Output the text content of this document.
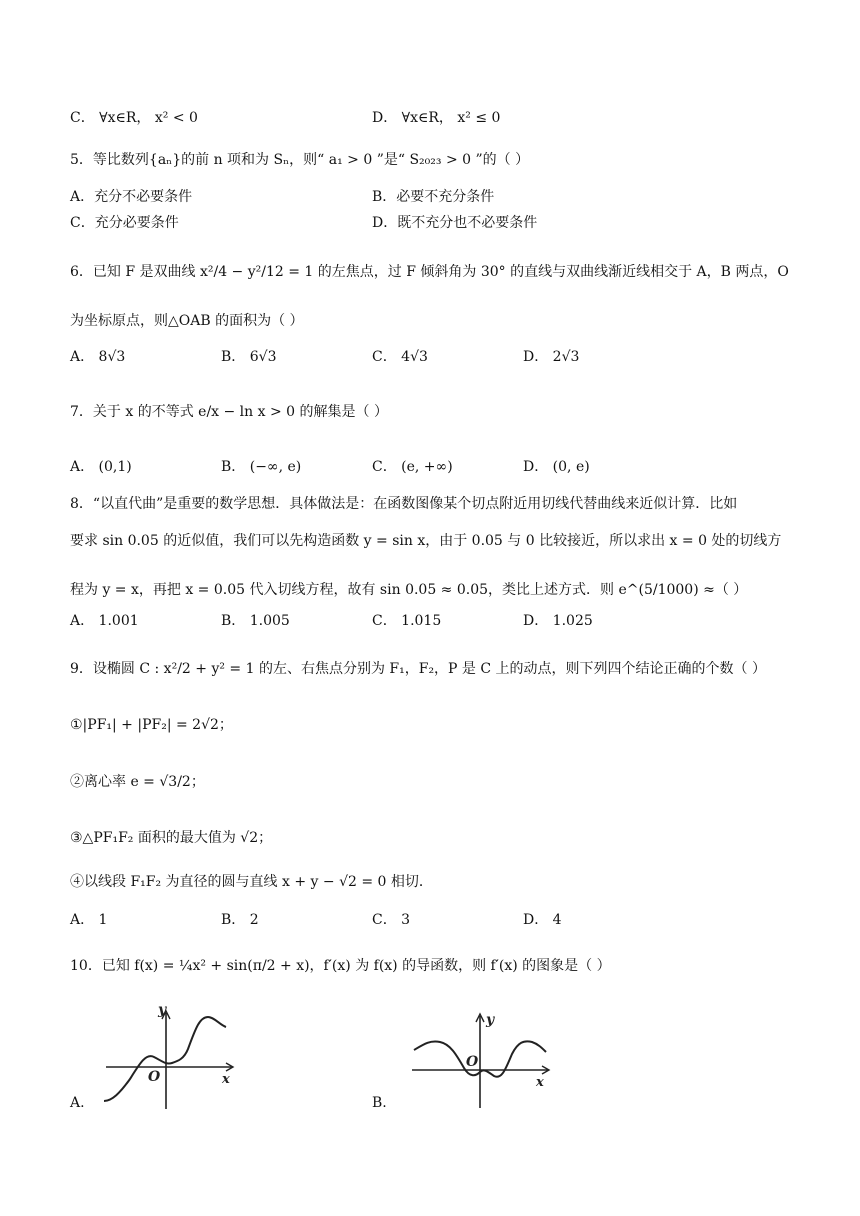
C． ∀x∈R， x² < 0	D． ∀x∈R， x² ≤ 0
5．等比数列{aₙ}的前 n 项和为 Sₙ，则“ a₁ > 0 ”是“ S₂₀₂₃ > 0 ”的（ ）
A．充分不必要条件	B．必要不充分条件
C．充分必要条件	D．既不充分也不必要条件
6．已知 F 是双曲线 x²/4 − y²/12 = 1 的左焦点，过 F 倾斜角为 30° 的直线与双曲线渐近线相交于 A，B 两点，O
为坐标原点，则△OAB 的面积为（ ）
A． 8√3	B． 6√3	C． 4√3	D． 2√3
7．关于 x 的不等式 e/x − ln x > 0 的解集是（ ）
A． (0,1)	B． (−∞, e)	C． (e, +∞)	D． (0, e)
8．“以直代曲”是重要的数学思想．具体做法是：在函数图像某个切点附近用切线代替曲线来近似计算．比如
要求 sin 0.05 的近似值，我们可以先构造函数 y = sin x，由于 0.05 与 0 比较接近，所以求出 x = 0 处的切线方
程为 y = x，再把 x = 0.05 代入切线方程，故有 sin 0.05 ≈ 0.05，类比上述方式．则 e^(5/1000) ≈（ ）
A． 1.001	B． 1.005	C． 1.015	D． 1.025
9．设椭圆 C : x²/2 + y² = 1 的左、右焦点分别为 F₁，F₂，P 是 C 上的动点，则下列四个结论正确的个数（ ）
①|PF₁| + |PF₂| = 2√2；
②离心率 e = √3/2；
③△PF₁F₂ 面积的最大值为 √2；
④以线段 F₁F₂ 为直径的圆与直线 x + y − √2 = 0 相切．
A． 1	B． 2	C． 3	D． 4
10．已知 f(x) = ¼x² + sin(π/2 + x)，f′(x) 为 f(x) 的导函数，则 f′(x) 的图象是（ ）
A.
y
x
O
B.
y
x
O
